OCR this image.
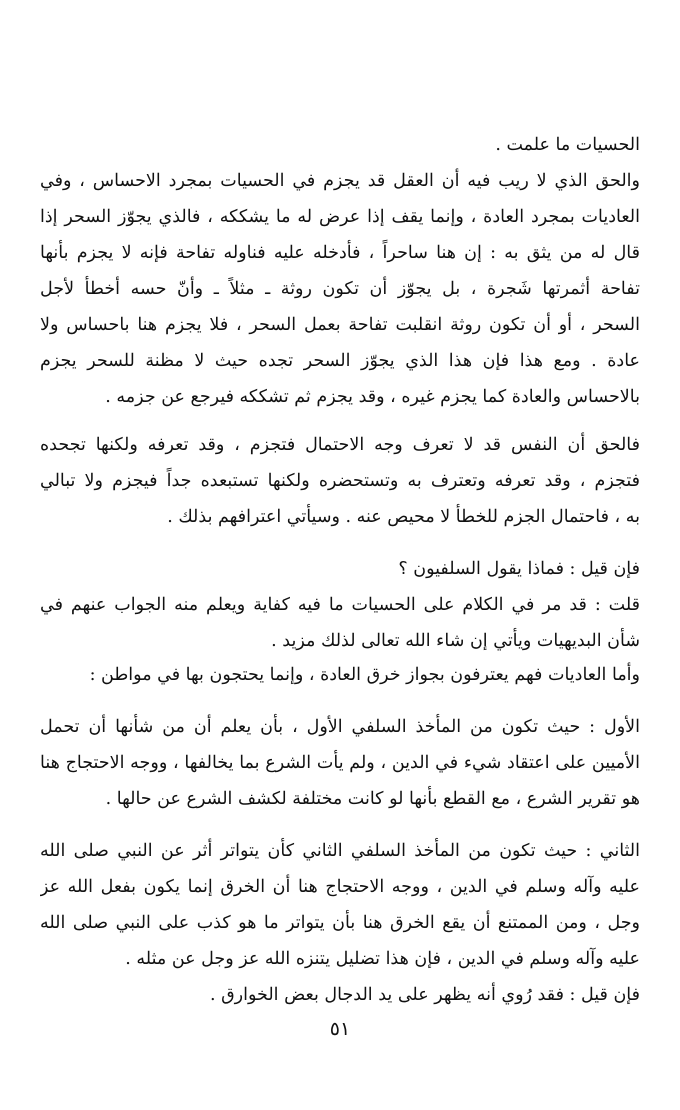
الحسيات ما علمت .
والحق الذي لا ريب فيه أن العقل قد يجزم في الحسيات بمجرد الاحساس ، وفي
العاديات بمجرد العادة ، وإنما يقف إذا عرض له ما يشككه ، فالذي يجوّز السحر إذا
قال له من يثق به : إن هنا ساحراً ، فأدخله عليه فناوله تفاحة فإنه لا يجزم بأنها
تفاحة أثمرتها شَجرة ، بل يجوّز أن تكون روثة ـ مثلاً ـ وأنّ حسه أخطأ لأجل
السحر ، أو أن تكون روثة انقلبت تفاحة بعمل السحر ، فلا يجزم هنا باحساس ولا
عادة . ومع هذا فإن هذا الذي يجوّز السحر تجده حيث لا مظنة للسحر يجزم
بالاحساس والعادة كما يجزم غيره ، وقد يجزم ثم تشككه فيرجع عن جزمه .
فالحق أن النفس قد لا تعرف وجه الاحتمال فتجزم ، وقد تعرفه ولكنها تجحده
فتجزم ، وقد تعرفه وتعترف به وتستحضره ولكنها تستبعده جداً فيجزم ولا تبالي
به ، فاحتمال الجزم للخطأ لا محيص عنه . وسيأتي اعترافهم بذلك .
فإن قيل : فماذا يقول السلفيون ؟
قلت : قد مر في الكلام على الحسيات ما فيه كفاية ويعلم منه الجواب عنهم في
شأن البديهيات ويأتي إن شاء الله تعالى لذلك مزيد .
وأما العاديات فهم يعترفون بجواز خرق العادة ، وإنما يحتجون بها في مواطن :
الأول : حيث تكون من المأخذ السلفي الأول ، بأن يعلم أن من شأنها أن تحمل
الأميين على اعتقاد شيء في الدين ، ولم يأت الشرع بما يخالفها ، ووجه الاحتجاج هنا
هو تقرير الشرع ، مع القطع بأنها لو كانت مختلفة لكشف الشرع عن حالها .
الثاني : حيث تكون من المأخذ السلفي الثاني كأن يتواتر أثر عن النبي صلى الله
عليه وآله وسلم في الدين ، ووجه الاحتجاج هنا أن الخرق إنما يكون بفعل الله عز
وجل ، ومن الممتنع أن يقع الخرق هنا بأن يتواتر ما هو كذب على النبي صلى الله
عليه وآله وسلم في الدين ، فإن هذا تضليل يتنزه الله عز وجل عن مثله .
فإن قيل : فقد رُوي أنه يظهر على يد الدجال بعض الخوارق .
٥١
